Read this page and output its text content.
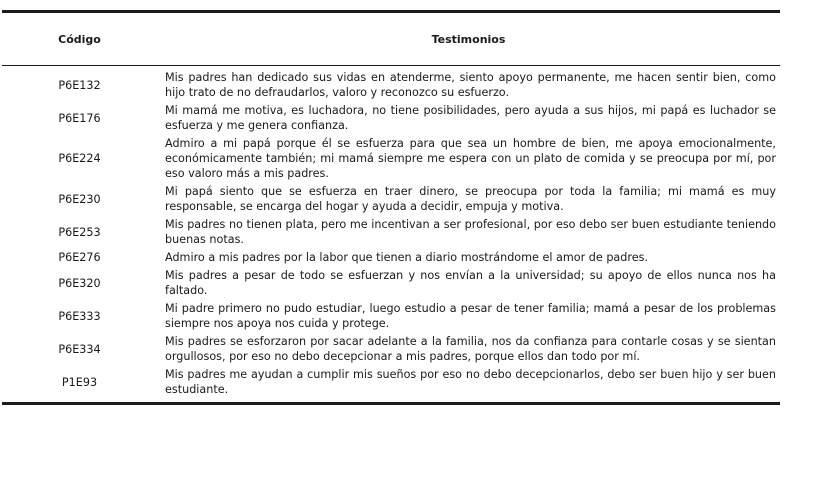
Código	Testimonios
P6E132
Mis padres han dedicado sus vidas en atenderme, siento apoyo permanente, me hacen sentir bien, como hijo trato de no defraudarlos, valoro y reconozco su esfuerzo.
P6E176
Mi mamá me motiva, es luchadora, no tiene posibilidades, pero ayuda a sus hijos, mi papá es luchador se esfuerza y me genera confianza.
P6E224
Admiro a mi papá porque él se esfuerza para que sea un hombre de bien, me apoya emocionalmente, económicamente también; mi mamá siempre me espera con un plato de comida y se preocupa por mí, por eso valoro más a mis padres.
P6E230
Mi papá siento que se esfuerza en traer dinero, se preocupa por toda la familia; mi mamá es muy responsable, se encarga del hogar y ayuda a decidir, empuja y motiva.
P6E253
Mis padres no tienen plata, pero me incentivan a ser profesional, por eso debo ser buen estudiante teniendo buenas notas.
P6E276	Admiro a mis padres por la labor que tienen a diario mostrándome el amor de padres.
P6E320
Mis padres a pesar de todo se esfuerzan y nos envían a la universidad; su apoyo de ellos nunca nos ha faltado.
P6E333
Mi padre primero no pudo estudiar, luego estudio a pesar de tener familia; mamá a pesar de los problemas siempre nos apoya nos cuida y protege.
P6E334
Mis padres se esforzaron por sacar adelante a la familia, nos da confianza para contarle cosas y se sientan orgullosos, por eso no debo decepcionar a mis padres, porque ellos dan todo por mí.
P1E93
Mis padres me ayudan a cumplir mis sueños por eso no debo decepcionarlos, debo ser buen hijo y ser buen estudiante.
